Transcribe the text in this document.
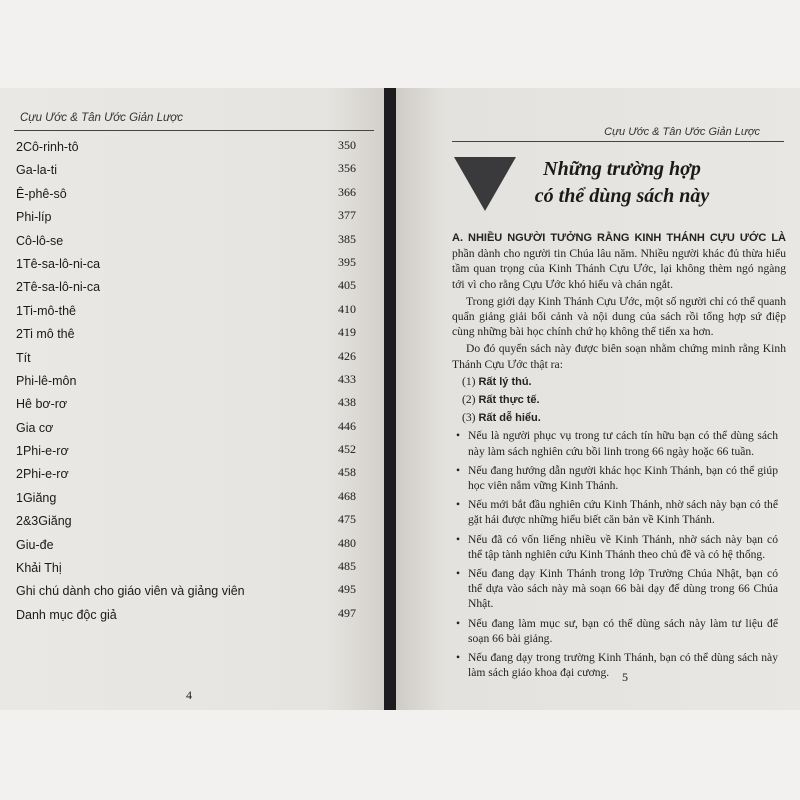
Cựu Ước & Tân Ước Giản Lược
2Cô-rinh-tô	350
Ga-la-ti	356
Ê-phê-sô	366
Phi-líp	377
Cô-lô-se	385
1Tê-sa-lô-ni-ca	395
2Tê-sa-lô-ni-ca	405
1Ti-mô-thê	410
2Ti mô thê	419
Tít	426
Phi-lê-môn	433
Hê bơ-rơ	438
Gia cơ	446
1Phi-e-rơ	452
2Phi-e-rơ	458
1Giăng	468
2&3Giăng	475
Giu-đe	480
Khải Thị	485
Ghi chú dành cho giáo viên và giảng viên	495
Danh mục độc giả	497
4
Cựu Ước & Tân Ước Giản Lược
Những trường hợp
có thể dùng sách này

A. NHIỀU NGƯỜI TƯỞNG RẰNG KINH THÁNH CỰU ƯỚC LÀ phần dành cho người tin Chúa lâu năm. Nhiều người khác đủ thừa hiểu tầm quan trọng của Kinh Thánh Cựu Ước, lại không thèm ngó ngàng tới vì cho rằng Cựu Ước khó hiểu và chán ngắt.

Trong giới dạy Kinh Thánh Cựu Ước, một số người chỉ có thể quanh quẩn giảng giải bối cảnh và nội dung của sách rồi tổng hợp sứ điệp cùng những bài học chính chứ họ không thể tiến xa hơn.

Do đó quyển sách này được biên soạn nhằm chứng minh rằng Kinh Thánh Cựu Ước thật ra:

(1) Rất lý thú.

(2) Rất thực tế.

(3) Rất dễ hiểu.

• Nếu là người phục vụ trong tư cách tín hữu bạn có thể dùng sách này làm sách nghiên cứu bồi linh trong 66 ngày hoặc 66 tuần.
• Nếu đang hướng dẫn người khác học Kinh Thánh, bạn có thể giúp học viên nắm vững Kinh Thánh.
• Nếu mới bắt đầu nghiên cứu Kinh Thánh, nhờ sách này bạn có thể gặt hái được những hiểu biết căn bản về Kinh Thánh.
• Nếu đã có vốn liếng nhiều về Kinh Thánh, nhờ sách này bạn có thể tập tành nghiên cứu Kinh Thánh theo chủ đề và có hệ thống.
• Nếu đang dạy Kinh Thánh trong lớp Trường Chúa Nhật, bạn có thể dựa vào sách này mà soạn 66 bài dạy để dùng trong 66 Chúa Nhật.
• Nếu đang làm mục sư, bạn có thể dùng sách này làm tư liệu để soạn 66 bài giảng.
• Nếu đang dạy trong trường Kinh Thánh, bạn có thể dùng sách này làm sách giáo khoa đại cương.	5
